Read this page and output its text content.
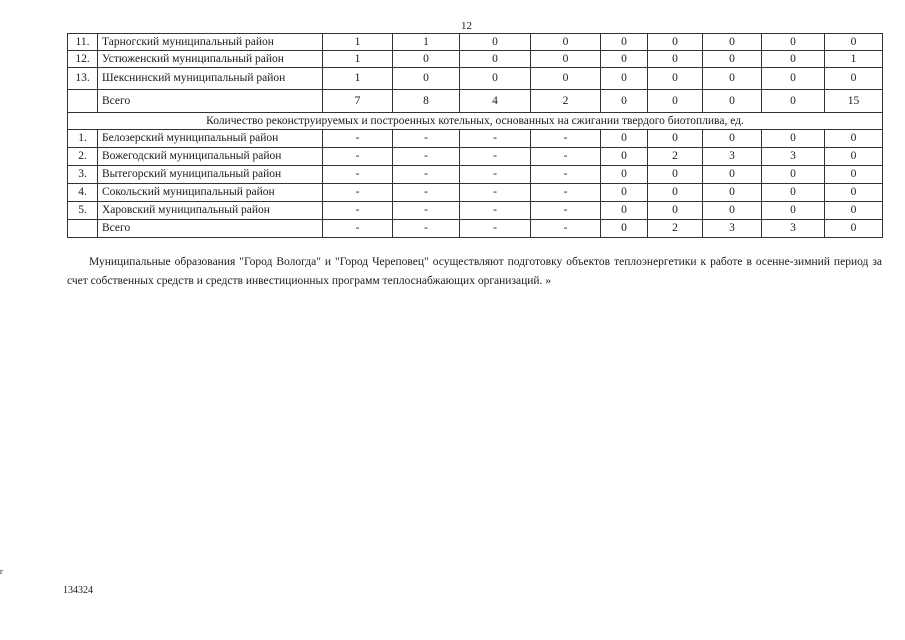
12
11.	Тарногский муниципальный район	1	1	0	0	0	0	0	0	0
12.	Устюженский муниципальный район	1	0	0	0	0	0	0	0	1
13.	Шекснинский муниципальный район	1	0	0	0	0	0	0	0	0
	Всего	7	8	4	2	0	0	0	0	15
Количество реконструируемых и построенных котельных, основанных на сжигании твердого биотоплива, ед.										
1.	Белозерский муниципальный район	-	-	-	-	0	0	0	0	0
2.	Вожегодский муниципальный район	-	-	-	-	0	2	3	3	0
3.	Вытегорский муниципальный район	-	-	-	-	0	0	0	0	0
4.	Сокольский муниципальный район	-	-	-	-	0	0	0	0	0
5.	Харовский муниципальный район	-	-	-	-	0	0	0	0	0
	Всего	-	-	-	-	0	2	3	3	0

Муниципальные образования "Город Вологда" и "Город Череповец" осуществляют подготовку объектов теплоэнергетики к работе в осенне-зимний период за счет собственных средств и средств инвестиционных программ теплоснабжающих организаций. »

134324
г
